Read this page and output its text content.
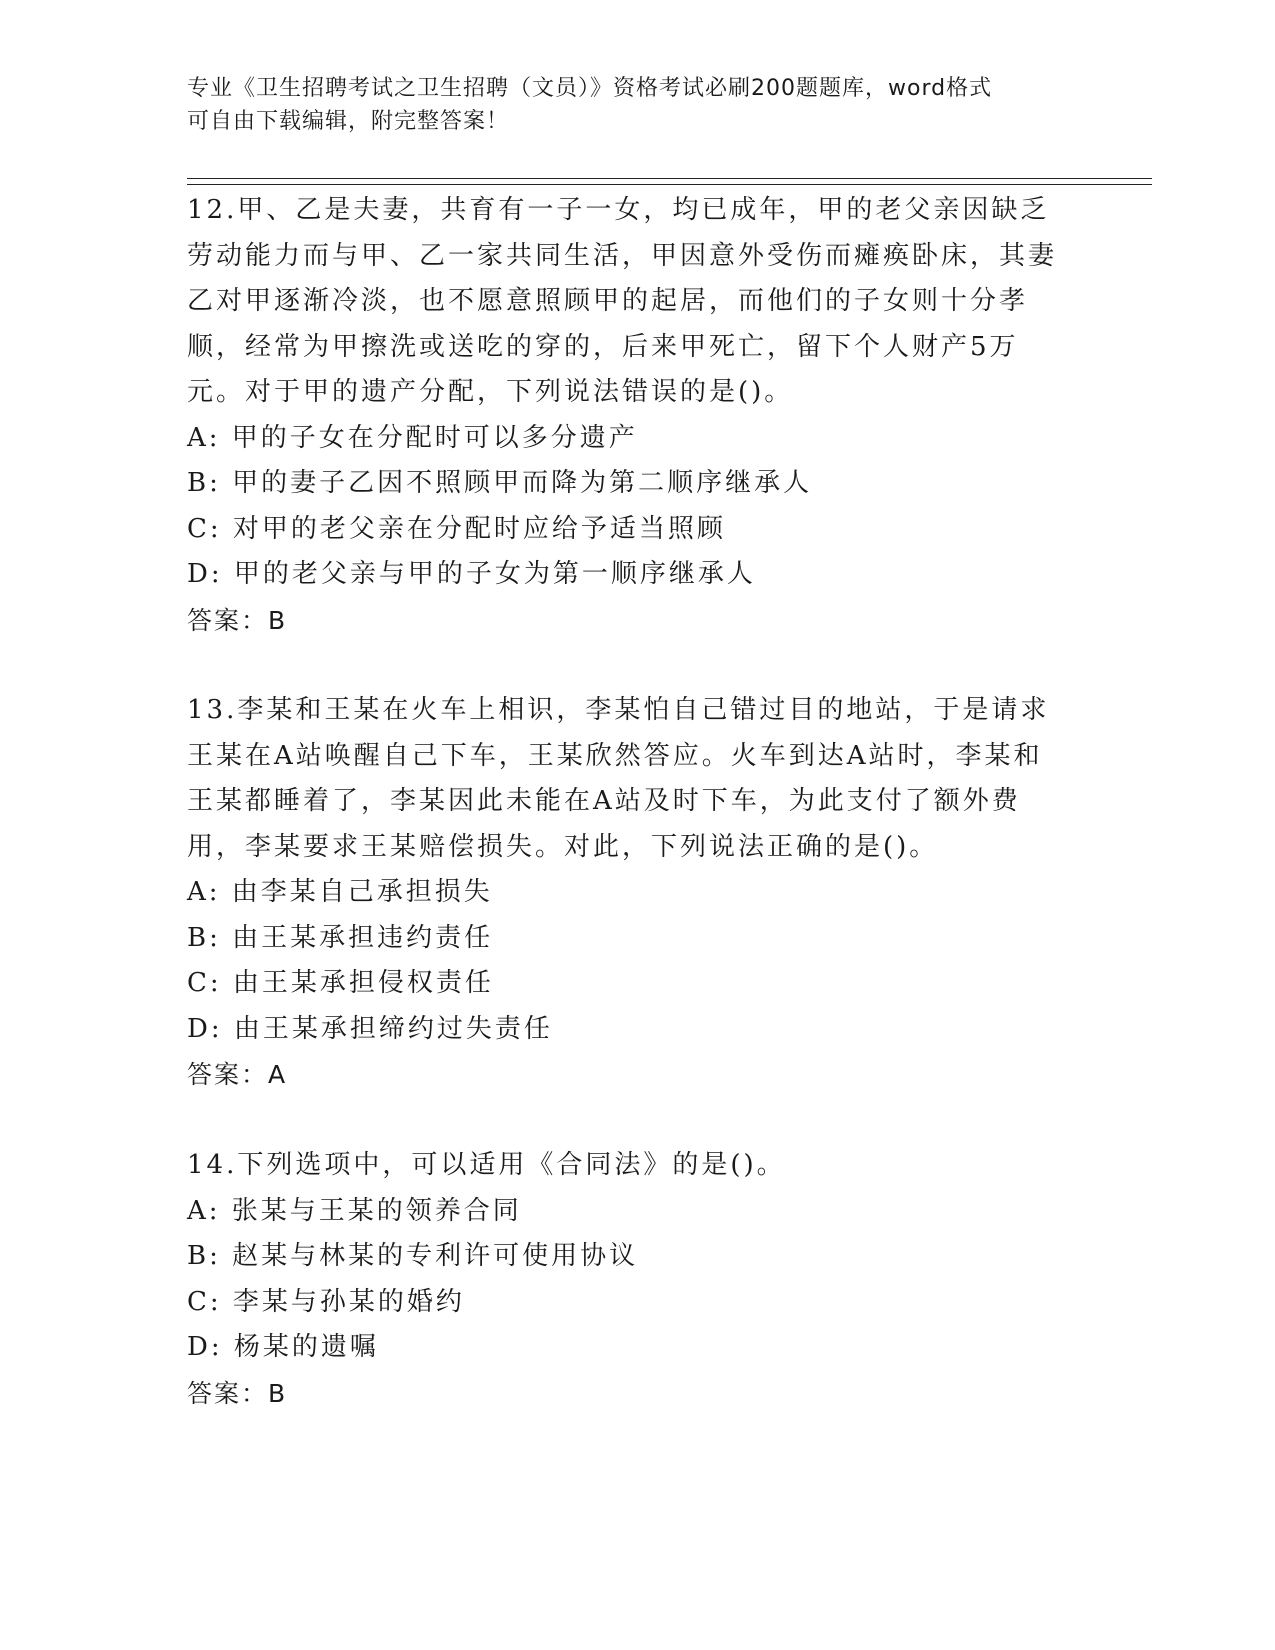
专业《卫生招聘考试之卫生招聘（文员）》资格考试必刷200题题库，word格式
可自由下载编辑，附完整答案！

12.甲、乙是夫妻，共育有一子一女，均已成年，甲的老父亲因缺乏劳动能力而与甲、乙一家共同生活，甲因意外受伤而瘫痪卧床，其妻乙对甲逐渐冷淡，也不愿意照顾甲的起居，而他们的子女则十分孝顺，经常为甲擦洗或送吃的穿的，后来甲死亡，留下个人财产5万元。对于甲的遗产分配，下列说法错误的是()。

A: 甲的子女在分配时可以多分遗产

B: 甲的妻子乙因不照顾甲而降为第二顺序继承人

C: 对甲的老父亲在分配时应给予适当照顾

D: 甲的老父亲与甲的子女为第一顺序继承人

答案：B

13.李某和王某在火车上相识，李某怕自己错过目的地站，于是请求王某在A站唤醒自己下车，王某欣然答应。火车到达A站时，李某和王某都睡着了，李某因此未能在A站及时下车，为此支付了额外费用，李某要求王某赔偿损失。对此，下列说法正确的是()。

A: 由李某自己承担损失

B: 由王某承担违约责任

C: 由王某承担侵权责任

D: 由王某承担缔约过失责任

答案：A

14.下列选项中，可以适用《合同法》的是()。

A: 张某与王某的领养合同

B: 赵某与林某的专利许可使用协议

C: 李某与孙某的婚约

D: 杨某的遗嘱

答案：B
